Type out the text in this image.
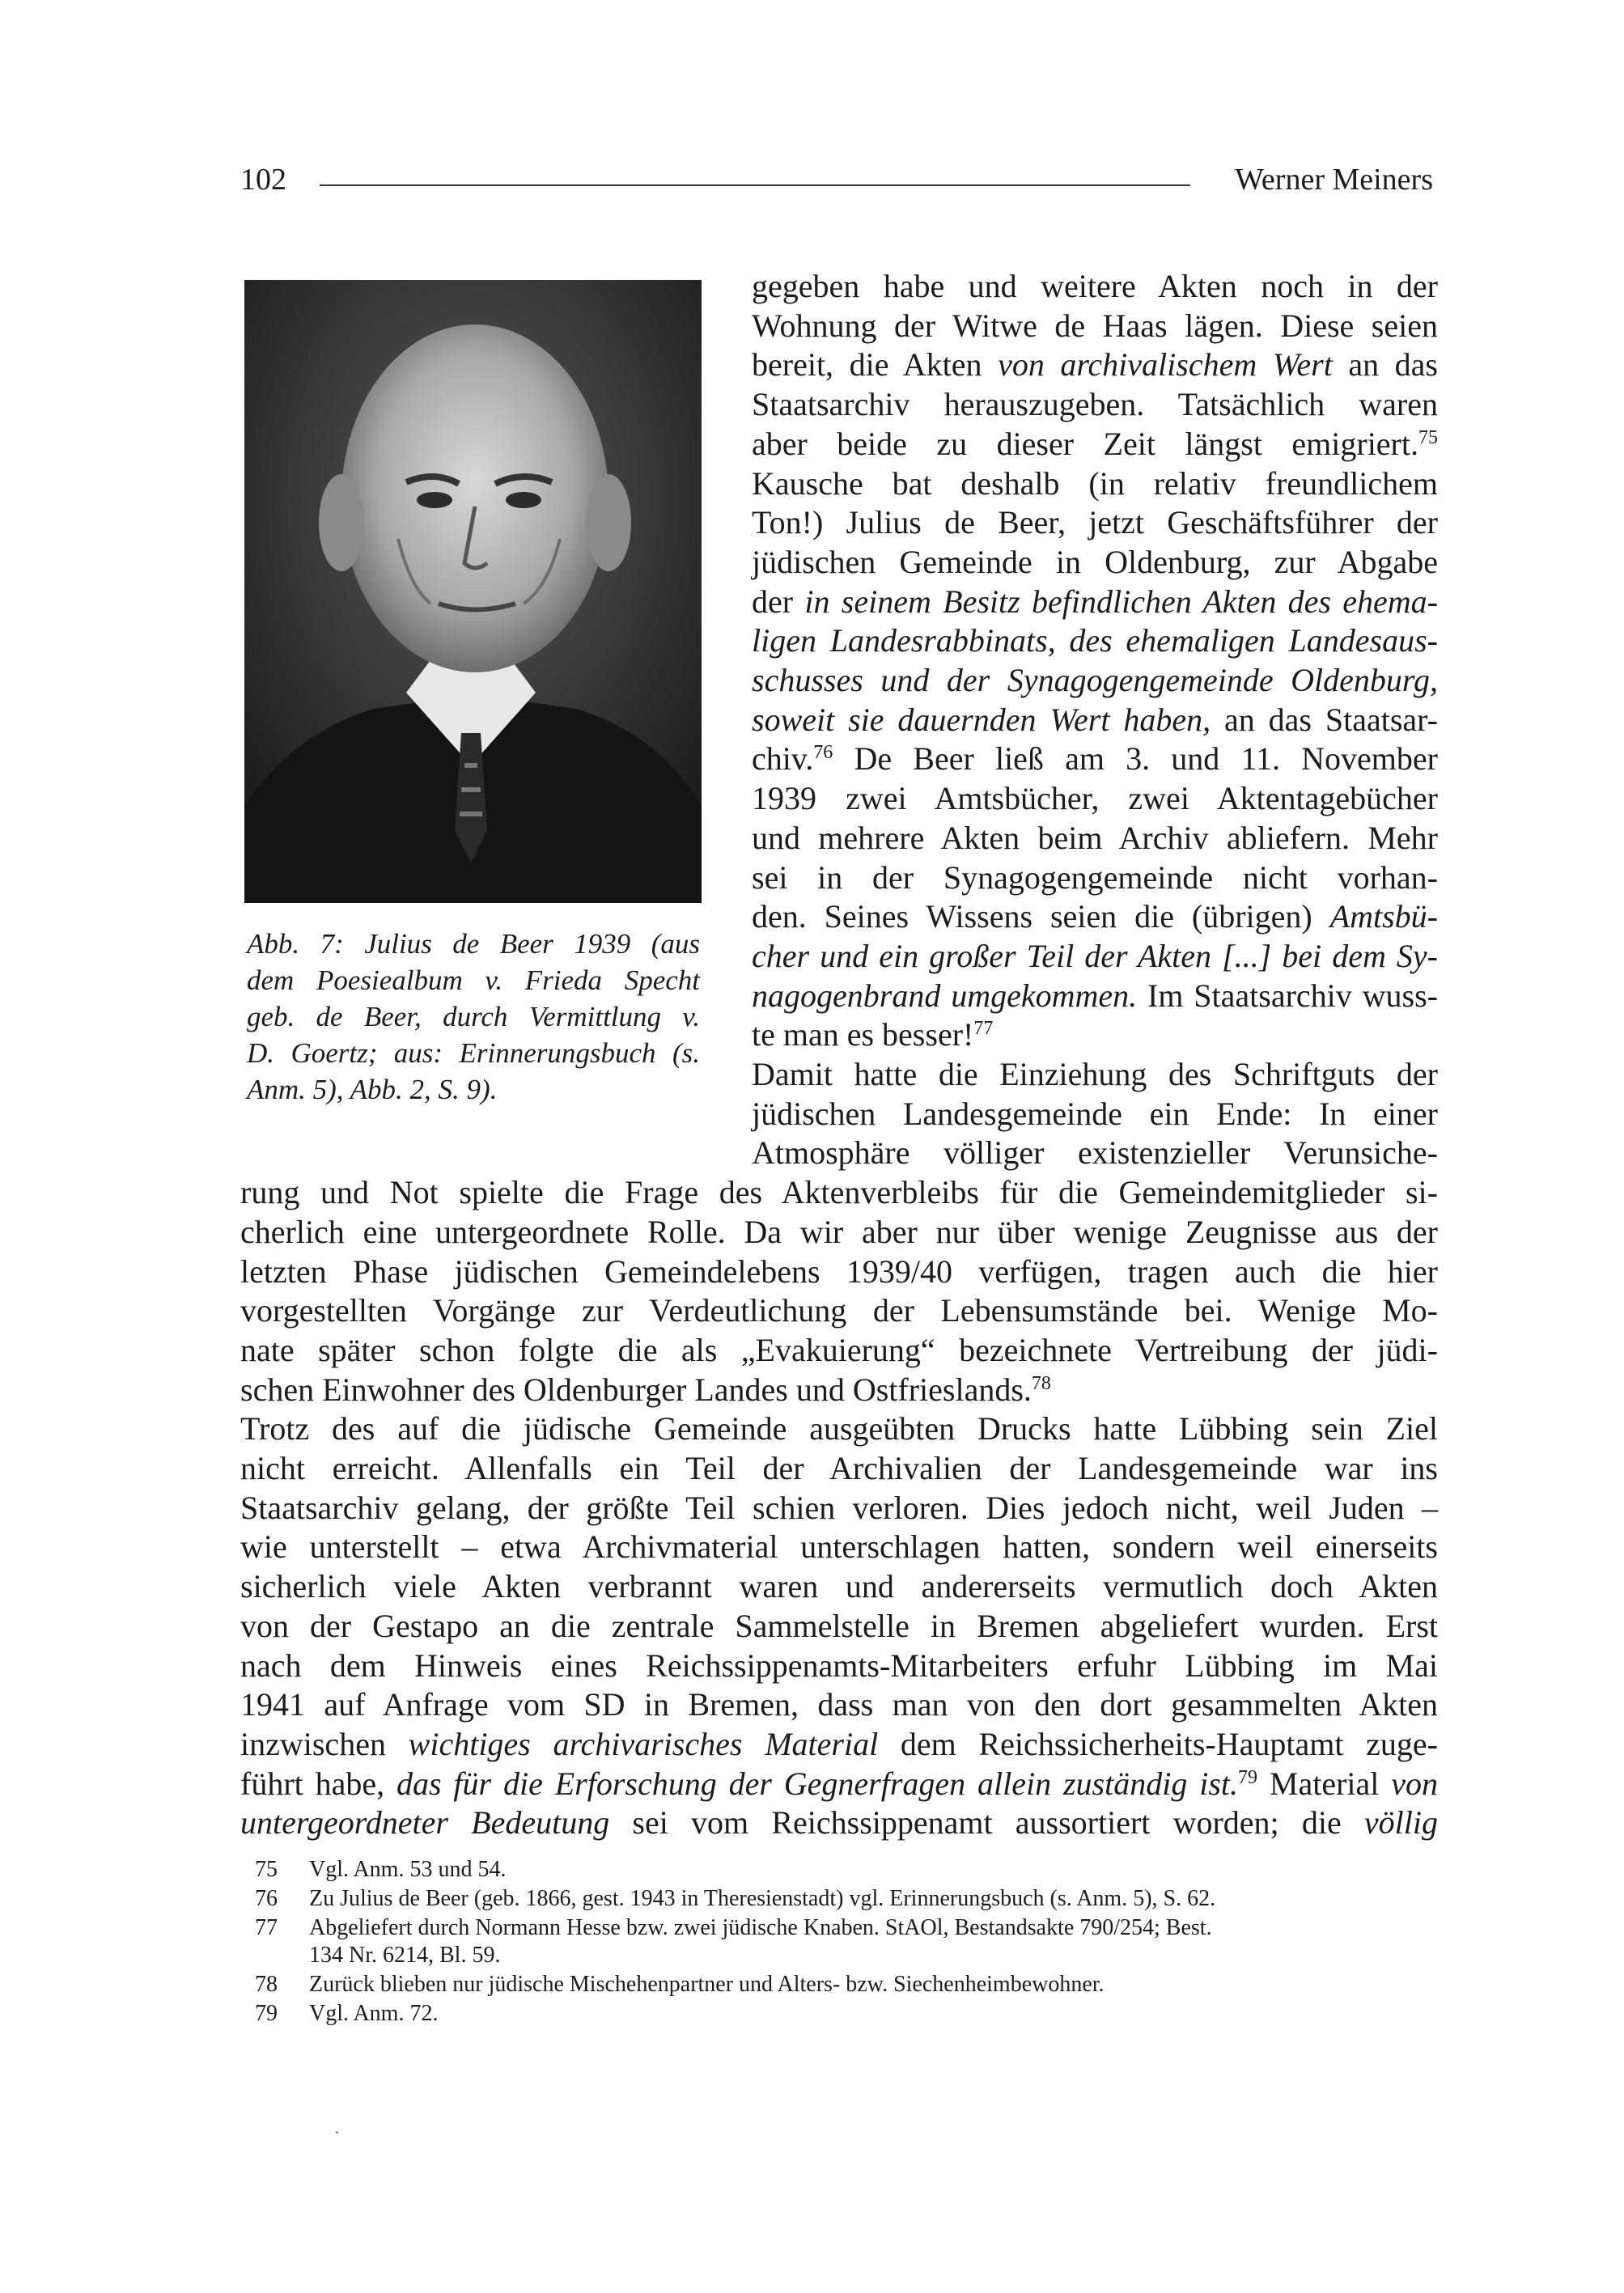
102	Werner Meiners
Abb. 7: Julius de Beer 1939 (aus
dem Poesiealbum v. Frieda Specht
geb. de Beer, durch Vermittlung v.
D. Goertz; aus: Erinnerungsbuch (s.
Anm. 5), Abb. 2, S. 9).
gegeben habe und weitere Akten noch in der
Wohnung der Witwe de Haas lägen. Diese seien
bereit, die Akten von archivalischem Wert an das
Staatsarchiv herauszugeben. Tatsächlich waren
aber beide zu dieser Zeit längst emigriert.$^{75}$
Kausche bat deshalb (in relativ freundlichem
Ton!) Julius de Beer, jetzt Geschäftsführer der
jüdischen Gemeinde in Oldenburg, zur Abgabe
der in seinem Besitz befindlichen Akten des ehema-
ligen Landesrabbinats, des ehemaligen Landesaus-
schusses und der Synagogengemeinde Oldenburg,
soweit sie dauernden Wert haben, an das Staatsar-
chiv.$^{76}$ De Beer ließ am 3. und 11. November
1939 zwei Amtsbücher, zwei Aktentagebücher
und mehrere Akten beim Archiv abliefern. Mehr
sei in der Synagogengemeinde nicht vorhan-
den. Seines Wissens seien die (übrigen) Amtsbü-
cher und ein großer Teil der Akten [...] bei dem Sy-
nagogenbrand umgekommen. Im Staatsarchiv wuss-
te man es besser!$^{77}$
Damit hatte die Einziehung des Schriftguts der
jüdischen Landesgemeinde ein Ende: In einer
Atmosphäre völliger existenzieller Verunsiche-
rung und Not spielte die Frage des Aktenverbleibs für die Gemeindemitglieder si-
cherlich eine untergeordnete Rolle. Da wir aber nur über wenige Zeugnisse aus der
letzten Phase jüdischen Gemeindelebens 1939/40 verfügen, tragen auch die hier
vorgestellten Vorgänge zur Verdeutlichung der Lebensumstände bei. Wenige Mo-
nate später schon folgte die als „Evakuierung“ bezeichnete Vertreibung der jüdi-
schen Einwohner des Oldenburger Landes und Ostfrieslands.$^{78}$
Trotz des auf die jüdische Gemeinde ausgeübten Drucks hatte Lübbing sein Ziel
nicht erreicht. Allenfalls ein Teil der Archivalien der Landesgemeinde war ins
Staatsarchiv gelang, der größte Teil schien verloren. Dies jedoch nicht, weil Juden –
wie unterstellt – etwa Archivmaterial unterschlagen hatten, sondern weil einerseits
sicherlich viele Akten verbrannt waren und andererseits vermutlich doch Akten
von der Gestapo an die zentrale Sammelstelle in Bremen abgeliefert wurden. Erst
nach dem Hinweis eines Reichssippenamts-Mitarbeiters erfuhr Lübbing im Mai
1941 auf Anfrage vom SD in Bremen, dass man von den dort gesammelten Akten
inzwischen wichtiges archivarisches Material dem Reichssicherheits-Hauptamt zuge-
führt habe, das für die Erforschung der Gegnerfragen allein zuständig ist.$^{79}$ Material von
untergeordneter Bedeutung sei vom Reichssippenamt aussortiert worden; die völlig
75 Vgl. Anm. 53 und 54.
76 Zu Julius de Beer (geb. 1866, gest. 1943 in Theresienstadt) vgl. Erinnerungsbuch (s. Anm. 5), S. 62.
77 Abgeliefert durch Normann Hesse bzw. zwei jüdische Knaben. StAOl, Bestandsakte 790/254; Best.
134 Nr. 6214, Bl. 59.
78 Zurück blieben nur jüdische Mischehenpartner und Alters- bzw. Siechenheimbewohner.
79 Vgl. Anm. 72.
